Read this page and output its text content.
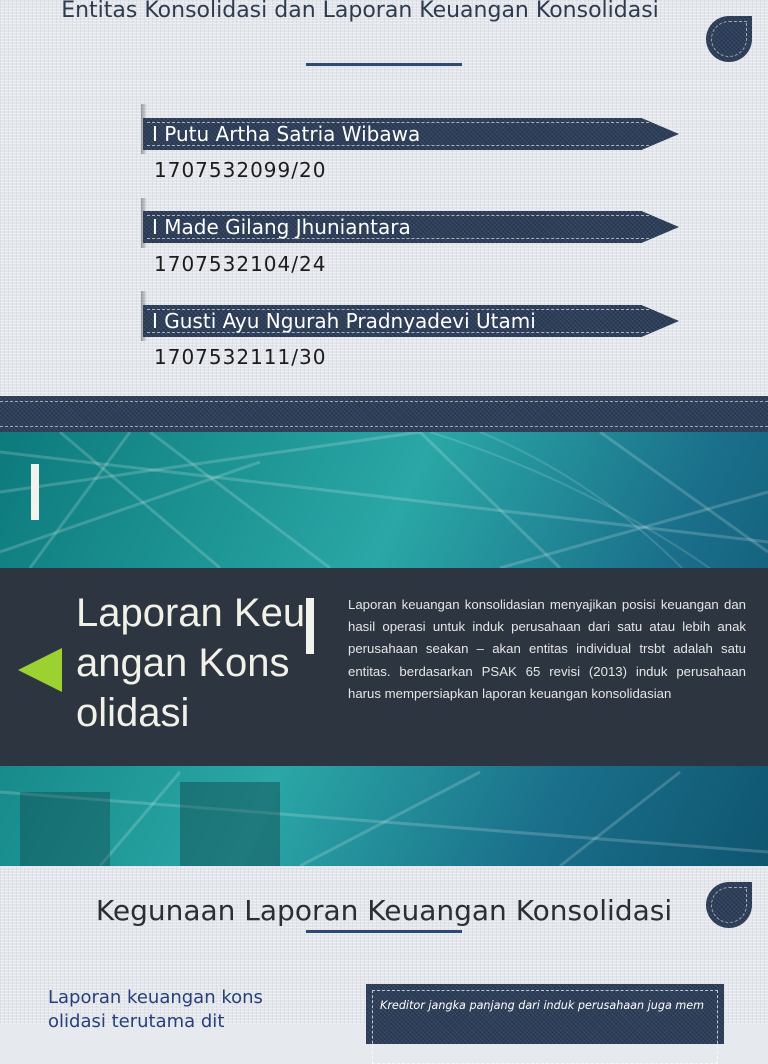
Entitas Konsolidasi dan Laporan Keuangan Konsolidasi
I Putu Artha Satria Wibawa
1707532099/20
I Made Gilang Jhuniantara
1707532104/24
I Gusti Ayu Ngurah Pradnyadevi Utami
1707532111/30
Laporan Keuangan Konsolidasi
Laporan keuangan konsolidasian menyajikan posisi keuangan dan hasil operasi untuk induk perusahaan dari satu atau lebih anak perusahaan seakan – akan entitas individual trsbt adalah satu entitas. berdasarkan PSAK 65 revisi (2013) induk perusahaan harus mempersiapkan laporan keuangan konsolidasian
Kegunaan Laporan Keuangan Konsolidasi
Laporan keuangan konsolidasi terutama dit
Kreditor jangka panjang dari induk perusahaan juga mem
